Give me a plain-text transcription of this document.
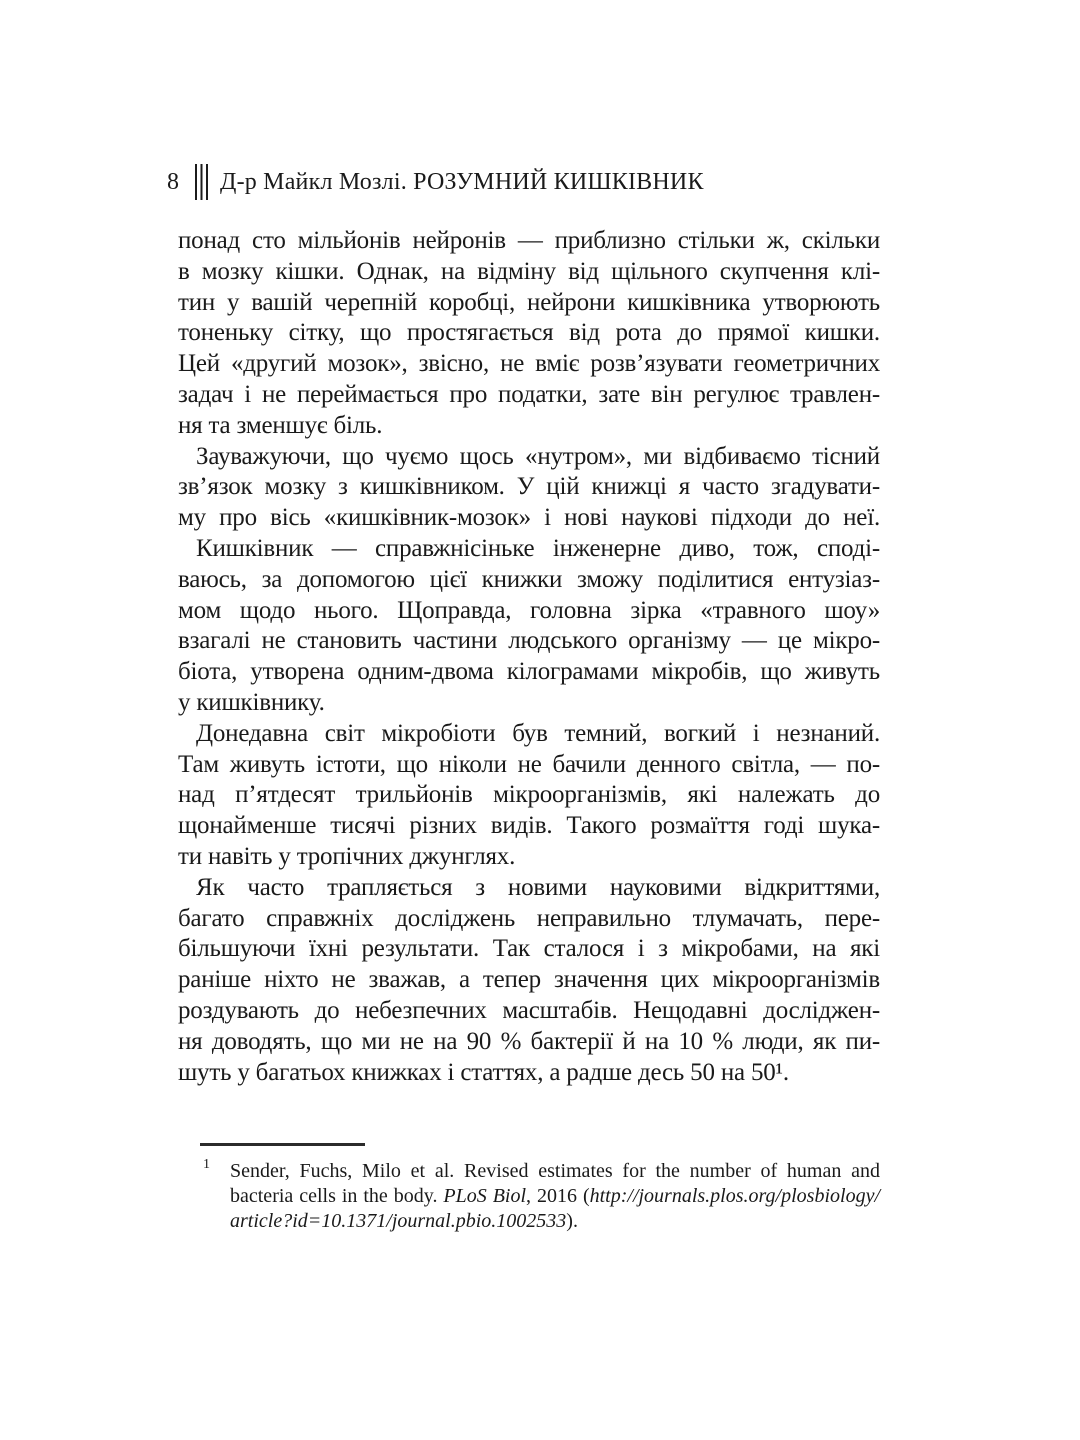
8 Д-р Майкл Мозлі. РОЗУМНИЙ КИШКІВНИК
понад сто мільйонів нейронів — приблизно стільки ж, скільки
в мозку кішки. Однак, на відміну від щільного скупчення клі-
тин у вашій черепній коробці, нейрони кишківника утворюють
тоненьку сітку, що простягається від рота до прямої кишки.
Цей «другий мозок», звісно, не вміє розв’язувати геометричних
задач і не переймається про податки, зате він регулює травлен-
ня та зменшує біль.
Зауважуючи, що чуємо щось «нутром», ми відбиваємо тісний
зв’язок мозку з кишківником. У цій книжці я часто згадувати-
му про вісь «кишківник-мозок» і нові наукові підходи до неї.
Кишківник — справжнісіньке інженерне диво, тож, споді-
ваюсь, за допомогою цієї книжки зможу поділитися ентузіаз-
мом щодо нього. Щоправда, головна зірка «травного шоу»
взагалі не становить частини людського організму — це мікро-
біота, утворена одним-двома кілограмами мікробів, що живуть
у кишківнику.
Донедавна світ мікробіоти був темний, вогкий і незнаний.
Там живуть істоти, що ніколи не бачили денного світла, — по-
над п’ятдесят трильйонів мікроорганізмів, які належать до
щонайменше тисячі різних видів. Такого розмаїття годі шука-
ти навіть у тропічних джунглях.
Як часто трапляється з новими науковими відкриттями,
багато справжніх досліджень неправильно тлумачать, пере-
більшуючи їхні результати. Так сталося і з мікробами, на які
раніше ніхто не зважав, а тепер значення цих мікроорганізмів
роздувають до небезпечних масштабів. Нещодавні досліджен-
ня доводять, що ми не на 90 % бактерії й на 10 % люди, як пи-
шуть у багатьох книжках і статтях, а радше десь 50 на 50¹.
1 Sender, Fuchs, Milo et al. Revised estimates for the number of human and
bacteria cells in the body. PLoS Biol, 2016 (http://journals.plos.org/plosbiology/
article?id=10.1371/journal.pbio.1002533).
